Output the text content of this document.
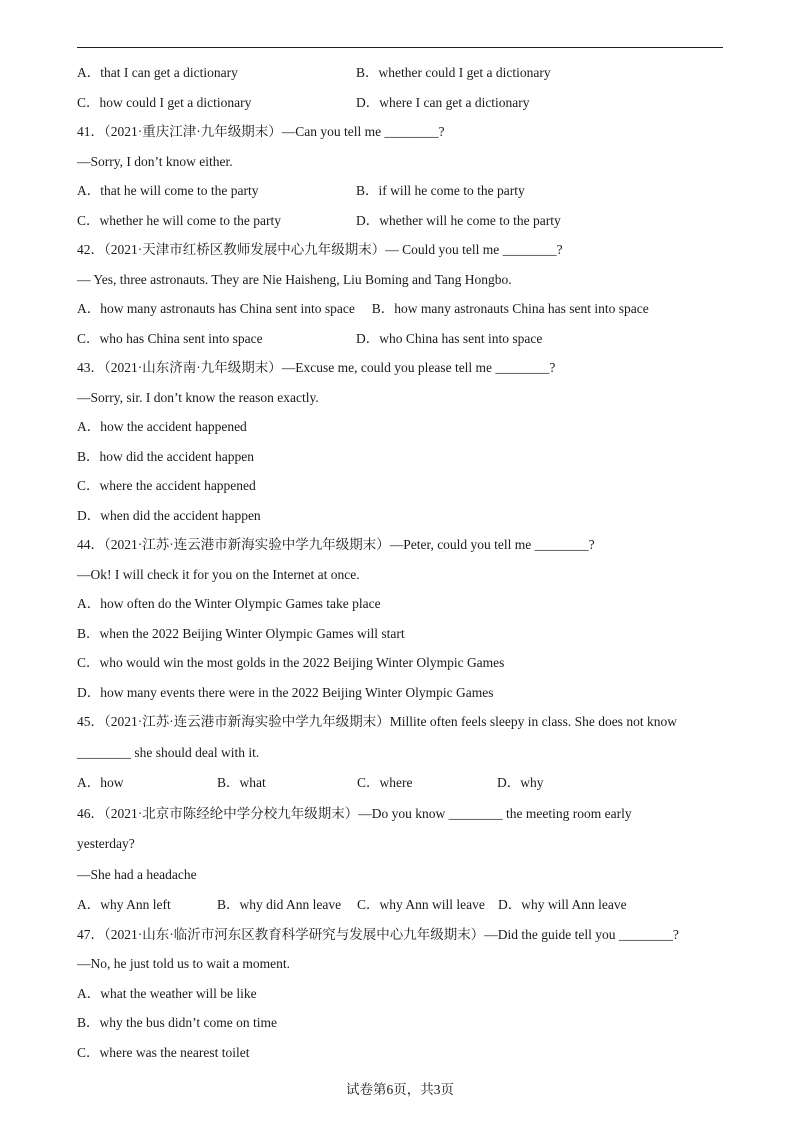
A．that I can get a dictionary	B．whether could I get a dictionary
C．how could I get a dictionary	D．where I can get a dictionary
41．（2021·重庆江津·九年级期末）—Can you tell me ________?
—Sorry, I don’t know either.
A．that he will come to the party	B．if will he come to the party
C．whether he will come to the party	D．whether will he come to the party
42．（2021·天津市红桥区教师发展中心九年级期末）— Could you tell me ________?
— Yes, three astronauts. They are Nie Haisheng, Liu Boming and Tang Hongbo.
A．how many astronauts has China sent into space　 B．how many astronauts China has sent into space
C．who has China sent into space	D．who China has sent into space
43．（2021·山东济南·九年级期末）—Excuse me, could you please tell me ________?
—Sorry, sir. I don’t know the reason exactly.
A．how the accident happened
B．how did the accident happen
C．where the accident happened
D．when did the accident happen
44．（2021·江苏·连云港市新海实验中学九年级期末）—Peter, could you tell me ________?
—Ok! I will check it for you on the Internet at once.
A．how often do the Winter Olympic Games take place
B．when the 2022 Beijing Winter Olympic Games will start
C．who would win the most golds in the 2022 Beijing Winter Olympic Games
D．how many events there were in the 2022 Beijing Winter Olympic Games
45．（2021·江苏·连云港市新海实验中学九年级期末）Millite often feels sleepy in class. She does not know
________ she should deal with it.
A．how	B．what	C．where	D．why
46．（2021·北京市陈经纶中学分校九年级期末）—Do you know ________ the meeting room early
yesterday?
—She had a headache
A．why Ann left	B．why did Ann leave	C．why Ann will leave D．why will Ann leave
47．（2021·山东·临沂市河东区教育科学研究与发展中心九年级期末）—Did the guide tell you ________?
—No, he just told us to wait a moment.
A．what the weather will be like
B．why the bus didn’t come on time
C．where was the nearest toilet
试卷第6页，共3页
